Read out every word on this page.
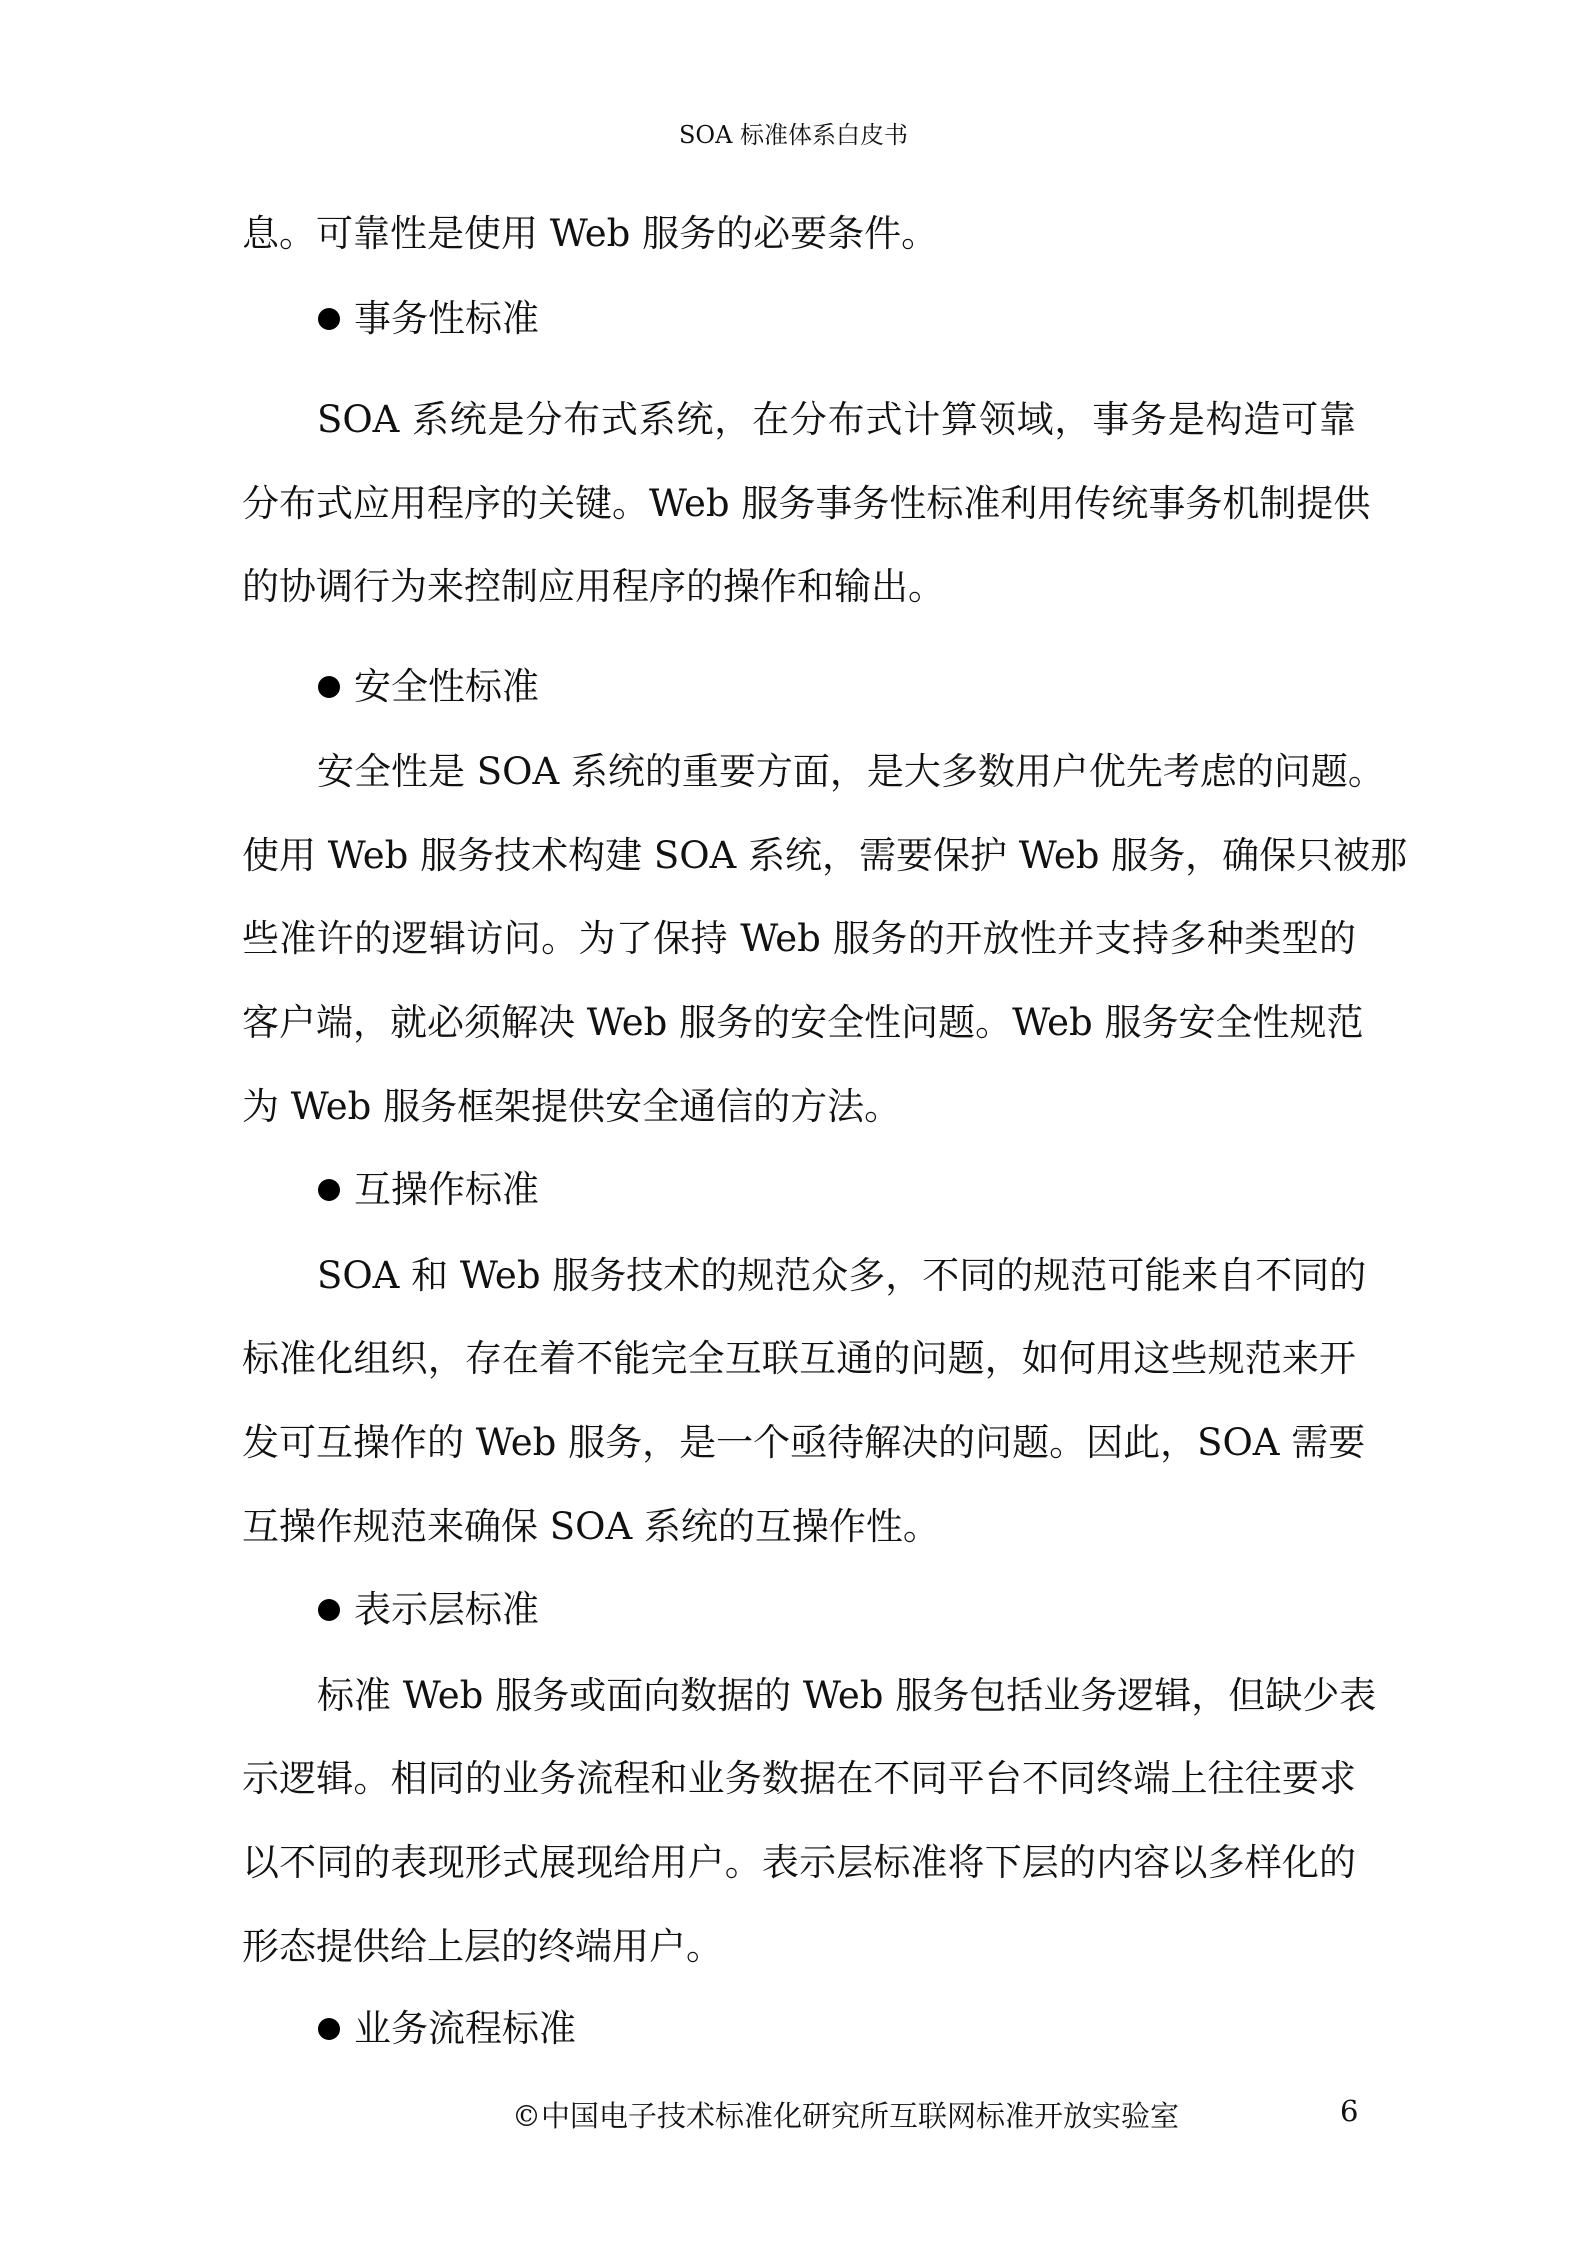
SOA 标准体系白皮书
息。可靠性是使用 Web 服务的必要条件。
事务性标准
SOA 系统是分布式系统，在分布式计算领域，事务是构造可靠
分布式应用程序的关键。Web 服务事务性标准利用传统事务机制提供
的协调行为来控制应用程序的操作和输出。
安全性标准
安全性是 SOA 系统的重要方面，是大多数用户优先考虑的问题。
使用 Web 服务技术构建 SOA 系统，需要保护 Web 服务，确保只被那
些准许的逻辑访问。为了保持 Web 服务的开放性并支持多种类型的
客户端，就必须解决 Web 服务的安全性问题。Web 服务安全性规范
为 Web 服务框架提供安全通信的方法。
互操作标准
SOA 和 Web 服务技术的规范众多，不同的规范可能来自不同的
标准化组织，存在着不能完全互联互通的问题，如何用这些规范来开
发可互操作的 Web 服务，是一个亟待解决的问题。因此，SOA 需要
互操作规范来确保 SOA 系统的互操作性。
表示层标准
标准 Web 服务或面向数据的 Web 服务包括业务逻辑，但缺少表
示逻辑。相同的业务流程和业务数据在不同平台不同终端上往往要求
以不同的表现形式展现给用户。表示层标准将下层的内容以多样化的
形态提供给上层的终端用户。
业务流程标准
©中国电子技术标准化研究所互联网标准开放实验室	6
